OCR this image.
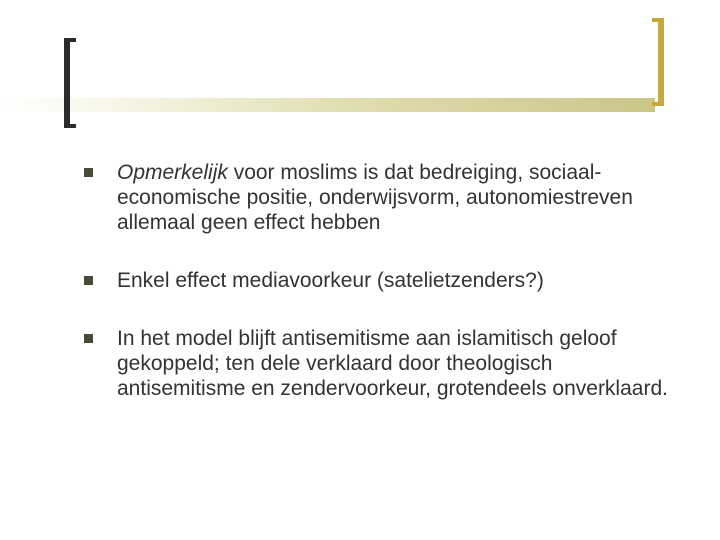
Opmerkelijk voor moslims is dat bedreiging, sociaal-economische positie, onderwijsvorm, autonomiestreven allemaal geen effect hebben
Enkel effect mediavoorkeur (satelietzenders?)
In het model blijft antisemitisme aan islamitisch geloof gekoppeld; ten dele verklaard door theologisch antisemitisme en zendervoorkeur, grotendeels onverklaard.
